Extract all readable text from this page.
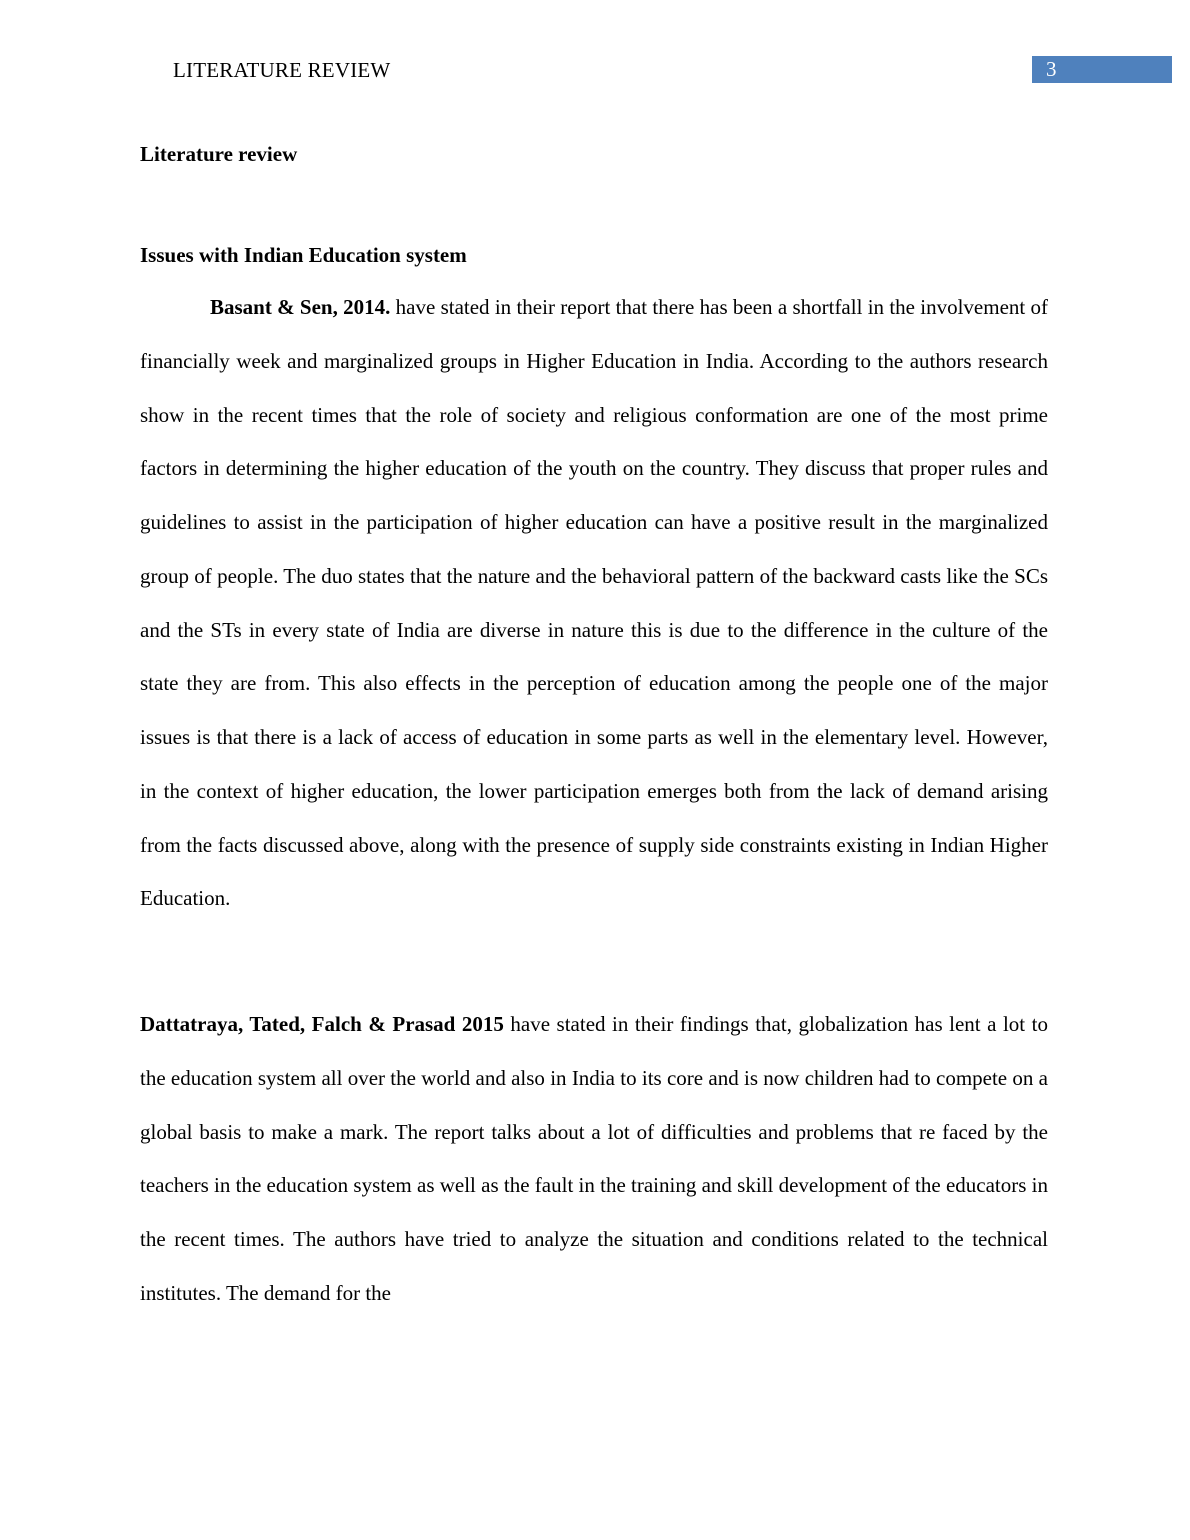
LITERATURE REVIEW	3
Literature review
Issues with Indian Education system

Basant & Sen, 2014. have stated in their report that there has been a shortfall in the involvement of financially week and marginalized groups in Higher Education in India. According to the authors research show in the recent times that the role of society and religious conformation are one of the most prime factors in determining the higher education of the youth on the country. They discuss that proper rules and guidelines to assist in the participation of higher education can have a positive result in the marginalized group of people. The duo states that the nature and the behavioral pattern of the backward casts like the SCs and the STs in every state of India are diverse in nature this is due to the difference in the culture of the state they are from. This also effects in the perception of education among the people one of the major issues is that there is a lack of access of education in some parts as well in the elementary level. However, in the context of higher education, the lower participation emerges both from the lack of demand arising from the facts discussed above, along with the presence of supply side constraints existing in Indian Higher Education.

Dattatraya, Tated, Falch & Prasad 2015 have stated in their findings that, globalization has lent a lot to the education system all over the world and also in India to its core and is now children had to compete on a global basis to make a mark. The report talks about a lot of difficulties and problems that re faced by the teachers in the education system as well as the fault in the training and skill development of the educators in the recent times. The authors have tried to analyze the situation and conditions related to the technical institutes. The demand for the
